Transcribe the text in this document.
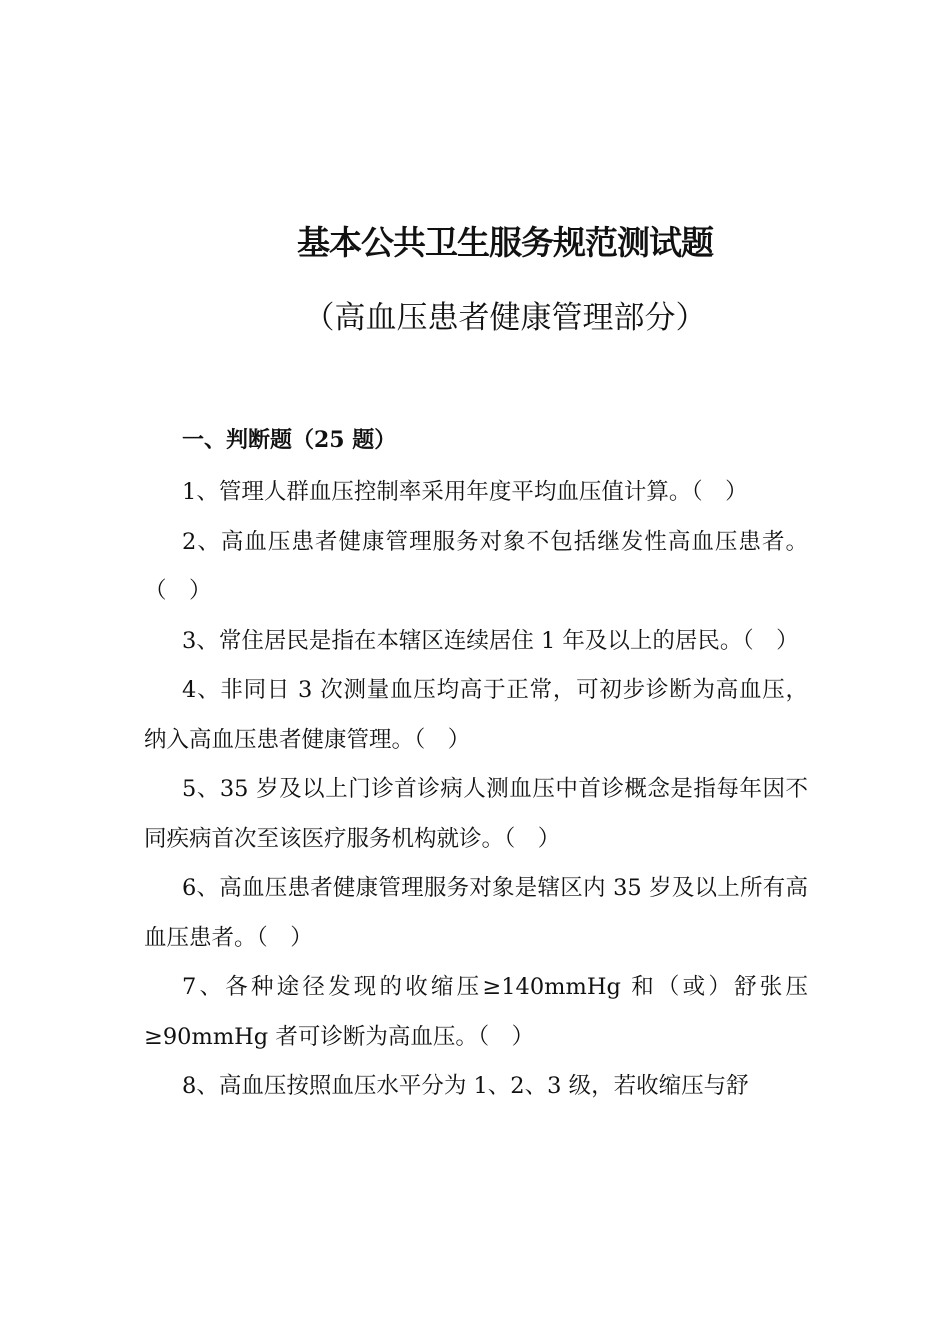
基本公共卫生服务规范测试题
（高血压患者健康管理部分）
一、判断题（25 题）

1、管理人群血压控制率采用年度平均血压值计算。（　）

2、高血压患者健康管理服务对象不包括继发性高血压患者。（　）

3、常住居民是指在本辖区连续居住 1 年及以上的居民。（　）

4、非同日 3 次测量血压均高于正常，可初步诊断为高血压，纳入高血压患者健康管理。（　）

5、35 岁及以上门诊首诊病人测血压中首诊概念是指每年因不同疾病首次至该医疗服务机构就诊。（　）

6、高血压患者健康管理服务对象是辖区内 35 岁及以上所有高血压患者。（　）

7、各种途径发现的收缩压≥140mmHg 和（或）舒张压≥90mmHg 者可诊断为高血压。（　）

8、高血压按照血压水平分为 1、2、3 级，若收缩压与舒
